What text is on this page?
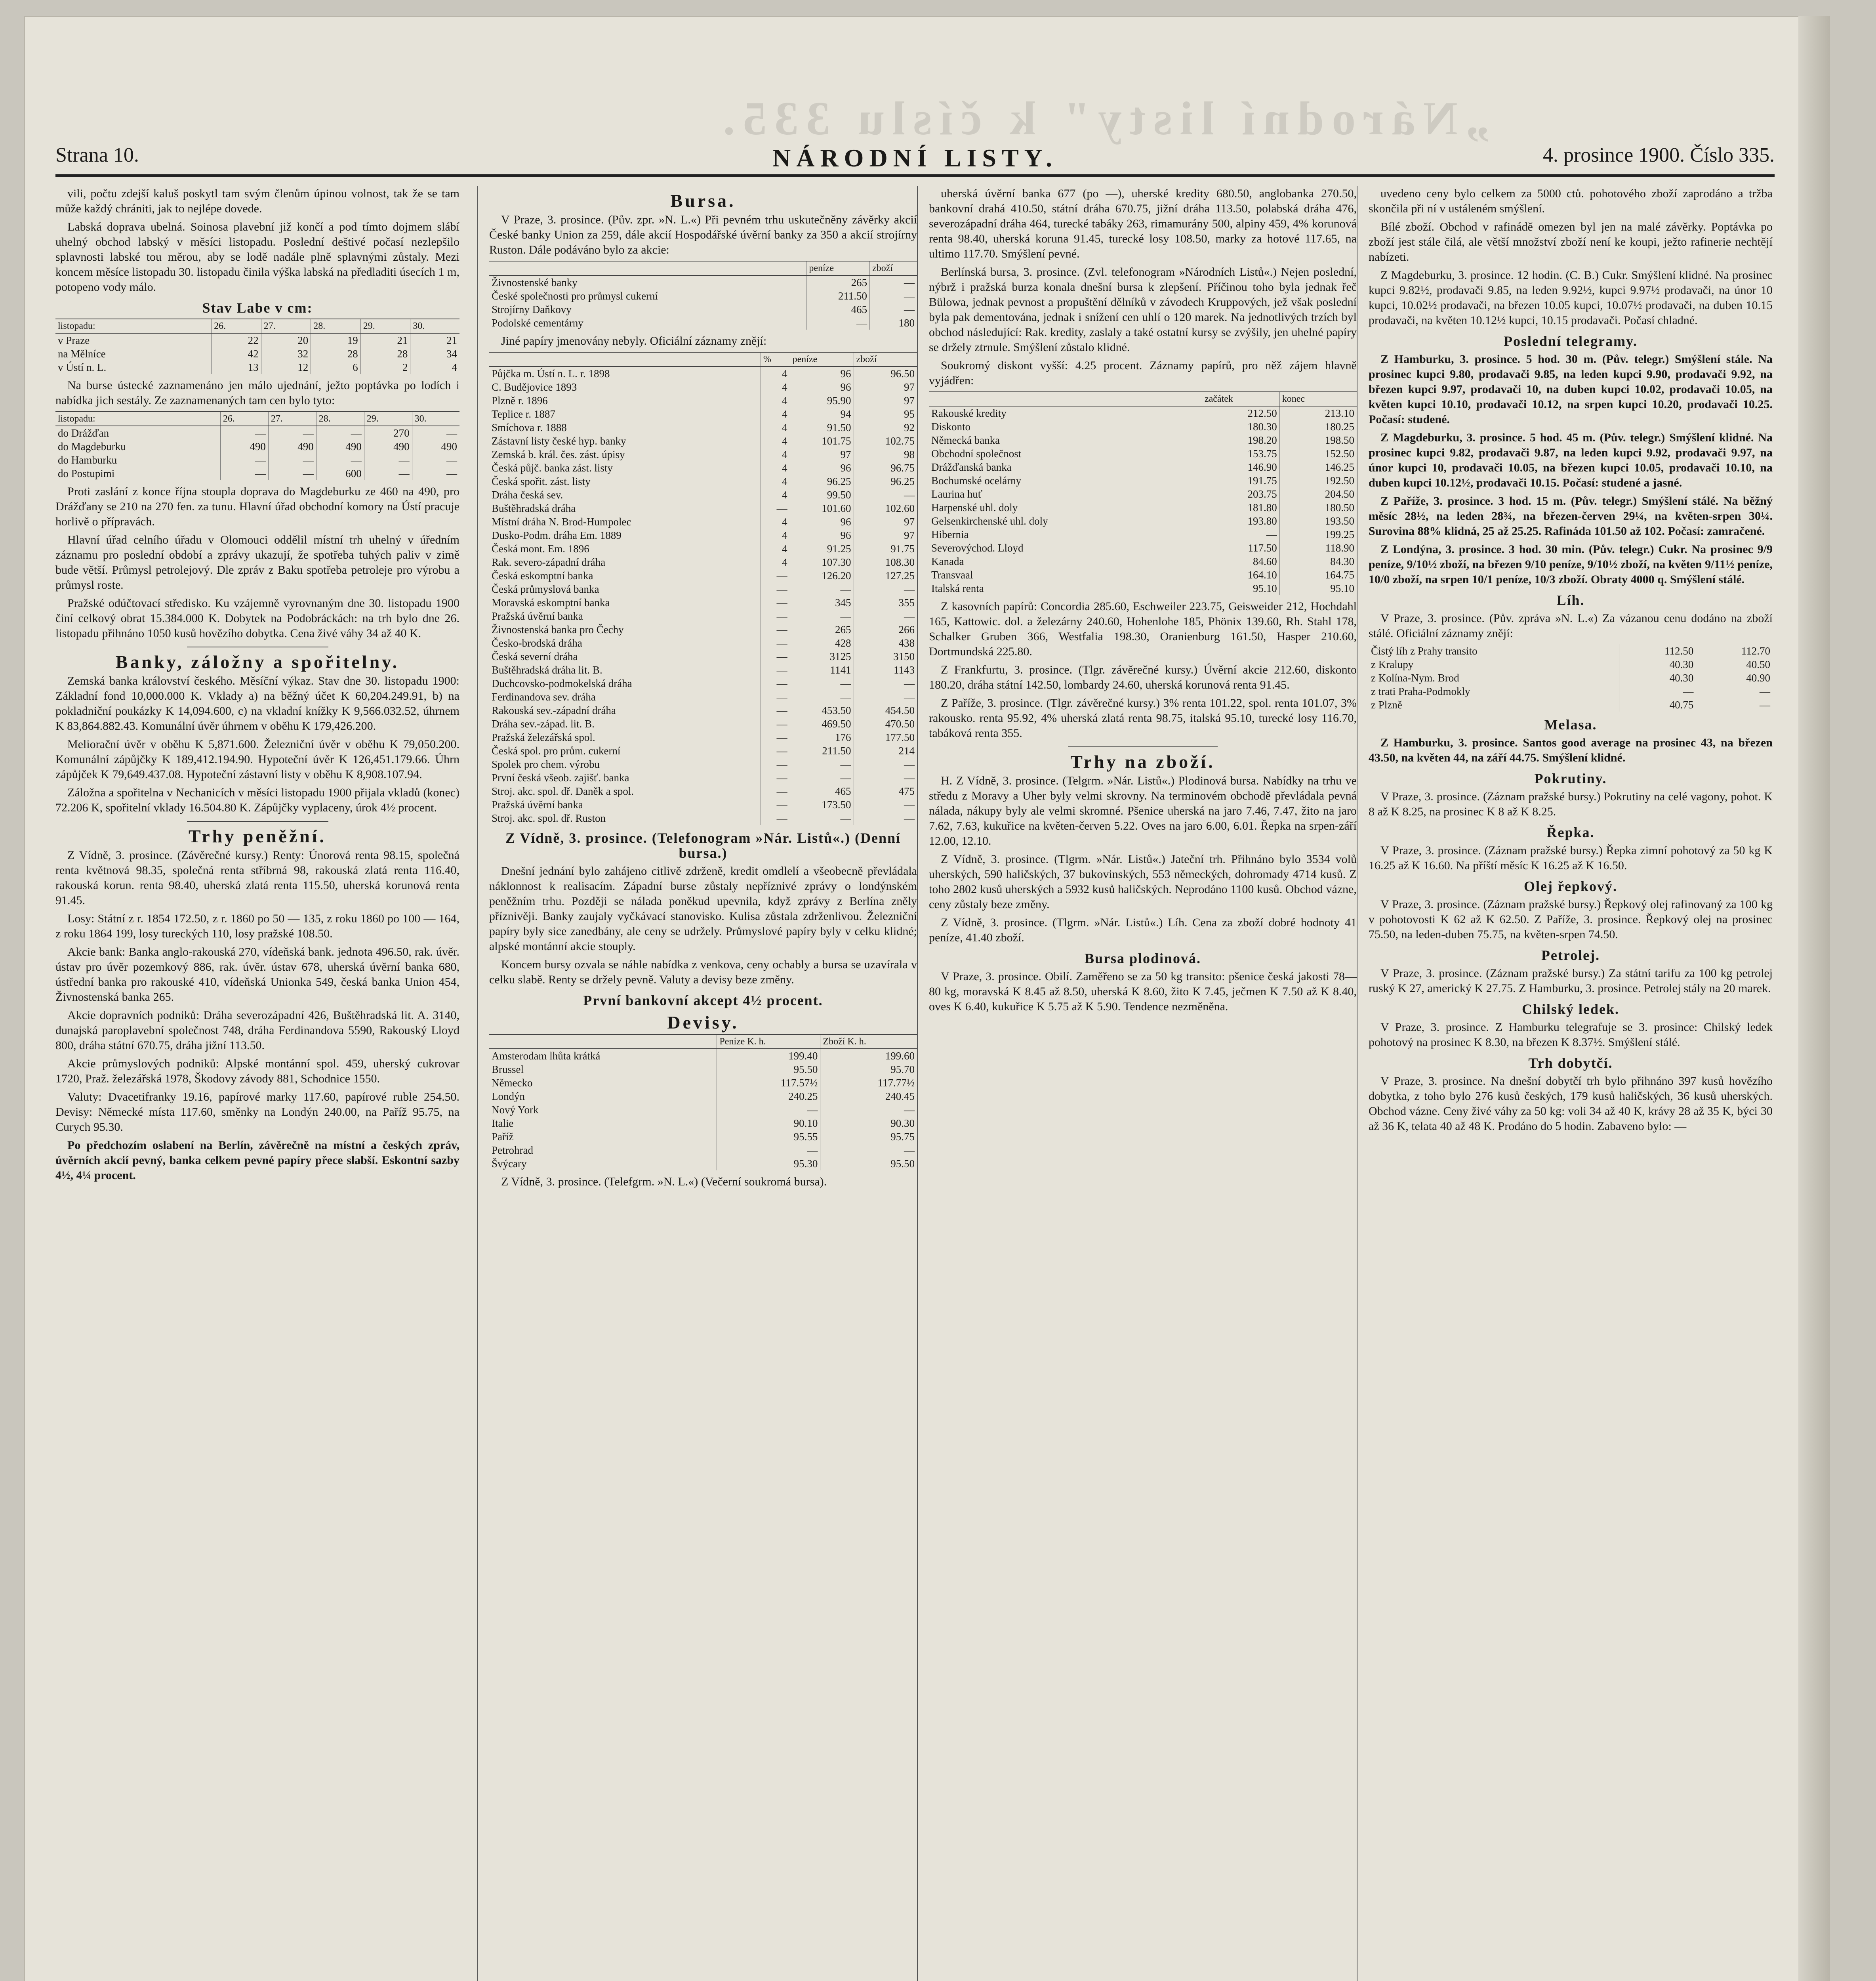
„Národní listy" k číslu 335.
Strana 10.	NÁRODNÍ LISTY.	4. prosince 1900. Číslo 335.

vili, počtu zdejší kaluš poskytl tam svým členům úpinou volnost, tak že se tam může každý chrániti, jak to nejlépe dovede.

Labská doprava ubelná. Soinosa plavební již končí a pod tímto dojmem slábí uhelný obchod labský v měsíci listopadu. Poslední deštivé počasí nezlepšilo splavnosti labské tou měrou, aby se lodě nadále plně splavnými zůstaly. Mezi koncem měsíce listopadu 30. listopadu činila výška labská na předladiti úsecích 1 m, potopeno vody málo.

Stav Labe v cm:
listopadu:	26.	27.	28.	29.	30.
v Praze	22	20	19	21	21
na Mělníce	42	32	28	28	34
v Ústí n. L.	13	12	6	2	4

Na burse ústecké zaznamenáno jen málo ujednání, ježto poptávka po lodích i nabídka jich sestály. Ze zaznamenaných tam cen bylo tyto:

listopadu:	26.	27.	28.	29.	30.
do Drážďan	—	—	—	270	—
do Magdeburku	490	490	490	490	490
do Hamburku	—	—	—	—	—
do Postupimi	—	—	600	—	—

Proti zaslání z konce října stoupla doprava do Magdeburku ze 460 na 490, pro Drážďany se 210 na 270 fen. za tunu. Hlavní úřad obchodní komory na Ústí pracuje horlivě o přípravách.

Hlavní úřad celního úřadu v Olomouci oddělil místní trh uhelný v úředním záznamu pro poslední období a zprávy ukazují, že spotřeba tuhých paliv v zimě bude větší. Průmysl petrolejový. Dle zpráv z Baku spotřeba petroleje pro výrobu a průmysl roste.

Pražské odúčtovací středisko. Ku vzájemně vyrovnaným dne 30. listopadu 1900 činí celkový obrat 15.384.000 K. Dobytek na Podobráckách: na trh bylo dne 26. listopadu přihnáno 1050 kusů hovězího dobytka. Cena živé váhy 34 až 40 K.

Banky, záložny a spořitelny.

Zemská banka království českého. Měsíční výkaz. Stav dne 30. listopadu 1900: Základní fond 10,000.000 K. Vklady a) na běžný účet K 60,204.249.91, b) na pokladniční poukázky K 14,094.600, c) na vkladní knížky K 9,566.032.52, úhrnem K 83,864.882.43. Komunální úvěr úhrnem v oběhu K 179,426.200.

Meliorační úvěr v oběhu K 5,871.600. Železniční úvěr v oběhu K 79,050.200. Komunální zápůjčky K 189,412.194.90. Hypoteční úvěr K 126,451.179.66. Úhrn zápůjček K 79,649.437.08. Hypoteční zástavní listy v oběhu K 8,908.107.94.

Záložna a spořitelna v Nechanicích v měsíci listopadu 1900 přijala vkladů (konec) 72.206 K, spořitelní vklady 16.504.80 K. Zápůjčky vyplaceny, úrok 4½ procent.

Trhy peněžní.

Z Vídně, 3. prosince. (Závěrečné kursy.) Renty: Únorová renta 98.15, společná renta květnová 98.35, společná renta stříbrná 98, rakouská zlatá renta 116.40, rakouská korun. renta 98.40, uherská zlatá renta 115.50, uherská korunová renta 91.45.

Losy: Státní z r. 1854 172.50, z r. 1860 po 50 — 135, z roku 1860 po 100 — 164, z roku 1864 199, losy tureckých 110, losy pražské 108.50.

Akcie bank: Banka anglo-rakouská 270, vídeňská bank. jednota 496.50, rak. úvěr. ústav pro úvěr pozemkový 886, rak. úvěr. ústav 678, uherská úvěrní banka 680, ústřední banka pro rakouské 410, vídeňská Unionka 549, česká banka Union 454, Živnostenská banka 265.

Akcie dopravních podniků: Dráha severozápadní 426, Buštěhradská lit. A. 3140, dunajská paroplavební společnost 748, dráha Ferdinandova 5590, Rakouský Lloyd 800, dráha státní 670.75, dráha jižní 113.50.

Akcie průmyslových podniků: Alpské montánní spol. 459, uherský cukrovar 1720, Praž. železářská 1978, Škodovy závody 881, Schodnice 1550.

Valuty: Dvacetifranky 19.16, papírové marky 117.60, papírové ruble 254.50. Devisy: Německé místa 117.60, směnky na Londýn 240.00, na Paříž 95.75, na Curych 95.30.

Po předchozím oslabení na Berlín, závěrečně na místní a českých zpráv, úvěrních akcií pevný, banka celkem pevné papíry přece slabší. Eskontní sazby 4½, 4¼ procent.

Bursa.

V Praze, 3. prosince. (Pův. zpr. »N. L.«) Při pevném trhu uskutečněny závěrky akcií České banky Union za 259, dále akcií Hospodářské úvěrní banky za 350 a akcií strojírny Ruston. Dále podáváno bylo za akcie:

	peníze	zboží
Živnostenské banky	265	—
České společnosti pro průmysl cukerní	211.50	—
Strojírny Daňkovy	465	—
Podolské cementárny	—	180

Jiné papíry jmenovány nebyly. Oficiální záznamy znějí:

	%	peníze	zboží
Půjčka m. Ústí n. L. r. 1898	4	96	96.50
C. Budějovice 1893	4	96	97
Plzně r. 1896	4	95.90	97
Teplice r. 1887	4	94	95
Smíchova r. 1888	4	91.50	92
Zástavní listy české hyp. banky	4	101.75	102.75
Zemská b. král. čes. zást. úpisy	4	97	98
Česká půjč. banka zást. listy	4	96	96.75
Česká spořit. zást. listy	4	96.25	96.25
Dráha česká sev.	4	99.50	—
Buštěhradská dráha	—	101.60	102.60
Místní dráha N. Brod-Humpolec	4	96	97
Dusko-Podm. dráha Em. 1889	4	96	97
Česká mont. Em. 1896	4	91.25	91.75
Rak. severo-západní dráha	4	107.30	108.30
Česká eskomptní banka	—	126.20	127.25
Česká průmyslová banka	—	—	—
Moravská eskomptní banka	—	345	355
Pražská úvěrní banka	—	—	—
Živnostenská banka pro Čechy	—	265	266
Česko-brodská dráha	—	428	438
Česká severní dráha	—	3125	3150
Buštěhradská dráha lit. B.	—	1141	1143
Duchcovsko-podmokelská dráha	—	—	—
Ferdinandova sev. dráha	—	—	—
Rakouská sev.-západní dráha	—	453.50	454.50
Dráha sev.-západ. lit. B.	—	469.50	470.50
Pražská železářská spol.	—	176	177.50
Česká spol. pro prům. cukerní	—	211.50	214
Spolek pro chem. výrobu	—	—	—
První česká všeob. zajišť. banka	—	—	—
Stroj. akc. spol. dř. Daněk a spol.	—	465	475
Pražská úvěrní banka	—	173.50	—
Stroj. akc. spol. dř. Ruston	—	—	—
Z Vídně, 3. prosince. (Telefonogram »Nár. Listů«.) (Denní bursa.)

Dnešní jednání bylo zahájeno citlivě zdrženě, kredit omdlelí a všeobecně převládala náklonnost k realisacím. Západní burse zůstaly nepříznivé zprávy o londýnském peněžním trhu. Později se nálada poněkud upevnila, když zprávy z Berlína zněly příznivěji. Banky zaujaly vyčkávací stanovisko. Kulisa zůstala zdrženlivou. Železniční papíry byly sice zanedbány, ale ceny se udržely. Průmyslové papíry byly v celku klidné; alpské montánní akcie stouply.

Koncem bursy ozvala se náhle nabídka z venkova, ceny ochably a bursa se uzavírala v celku slabě. Renty se držely pevně. Valuty a devisy beze změny.

První bankovní akcept 4½ procent.
Devisy.
	Peníze K. h.	Zboží K. h.
Amsterodam lhůta krátká	199.40	199.60
Brussel	95.50	95.70
Německo	117.57½	117.77½
Londýn	240.25	240.45
Nový York	—	—
Italie	90.10	90.30
Paříž	95.55	95.75
Petrohrad	—	—
Švýcary	95.30	95.50

Z Vídně, 3. prosince. (Telefgrm. »N. L.«) (Večerní soukromá bursa).

uherská úvěrní banka 677 (po —), uherské kredity 680.50, anglobanka 270.50, bankovní drahá 410.50, státní dráha 670.75, jižní dráha 113.50, polabská dráha 476, severozápadní dráha 464, turecké tabáky 263, rimamurány 500, alpiny 459, 4% korunová renta 98.40, uherská koruna 91.45, turecké losy 108.50, marky za hotové 117.65, na ultimo 117.70. Smýšlení pevné.

Berlínská bursa, 3. prosince. (Zvl. telefonogram »Národních Listů«.) Nejen poslední, nýbrž i pražská burza konala dnešní bursa k zlepšení. Příčinou toho byla jednak řeč Bülowa, jednak pevnost a propuštění dělníků v závodech Kruppových, jež však poslední byla pak dementována, jednak i snížení cen uhlí o 120 marek. Na jednotlivých trzích byl obchod následující: Rak. kredity, zaslaly a také ostatní kursy se zvýšily, jen uhelné papíry se držely ztrnule. Smýšlení zůstalo klidné.

Soukromý diskont vyšší: 4.25 procent. Záznamy papírů, pro něž zájem hlavně vyjádřen:

	začátek	konec
Rakouské kredity	212.50	213.10
Diskonto	180.30	180.25
Německá banka	198.20	198.50
Obchodní společnost	153.75	152.50
Drážďanská banka	146.90	146.25
Bochumské ocelárny	191.75	192.50
Laurina huť	203.75	204.50
Harpenské uhl. doly	181.80	180.50
Gelsenkirchenské uhl. doly	193.80	193.50
Hibernia	—	199.25
Severovýchod. Lloyd	117.50	118.90
Kanada	84.60	84.30
Transvaal	164.10	164.75
Italská renta	95.10	95.10

Z kasovních papírů: Concordia 285.60, Eschweiler 223.75, Geisweider 212, Hochdahl 165, Kattowic. dol. a železárny 240.60, Hohenlohe 185, Phönix 139.60, Rh. Stahl 178, Schalker Gruben 366, Westfalia 198.30, Oranienburg 161.50, Hasper 210.60, Dortmundská 225.80.

Z Frankfurtu, 3. prosince. (Tlgr. závěrečné kursy.) Úvěrní akcie 212.60, diskonto 180.20, dráha státní 142.50, lombardy 24.60, uherská korunová renta 91.45.

Z Paříže, 3. prosince. (Tlgr. závěrečné kursy.) 3% renta 101.22, spol. renta 101.07, 3% rakousko. renta 95.92, 4% uherská zlatá renta 98.75, italská 95.10, turecké losy 116.70, tabáková renta 355.

Trhy na zboží.

H. Z Vídně, 3. prosince. (Telgrm. »Nár. Listů«.) Plodinová bursa. Nabídky na trhu ve středu z Moravy a Uher byly velmi skrovny. Na terminovém obchodě převládala pevná nálada, nákupy byly ale velmi skromné. Pšenice uherská na jaro 7.46, 7.47, žito na jaro 7.62, 7.63, kukuřice na květen-červen 5.22. Oves na jaro 6.00, 6.01. Řepka na srpen-září 12.00, 12.10.

Z Vídně, 3. prosince. (Tlgrm. »Nár. Listů«.) Jateční trh. Přihnáno bylo 3534 volů uherských, 590 haličských, 37 bukovinských, 553 německých, dohromady 4714 kusů. Z toho 2802 kusů uherských a 5932 kusů haličských. Neprodáno 1100 kusů. Obchod vázne, ceny zůstaly beze změny.

Z Vídně, 3. prosince. (Tlgrm. »Nár. Listů«.) Líh. Cena za zboží dobré hodnoty 41 peníze, 41.40 zboží.

Bursa plodinová.

V Praze, 3. prosince. Obilí. Zaměřeno se za 50 kg transito: pšenice česká jakosti 78—80 kg, moravská K 8.45 až 8.50, uherská K 8.60, žito K 7.45, ječmen K 7.50 až K 8.40, oves K 6.40, kukuřice K 5.75 až K 5.90. Tendence nezměněna.

uvedeno ceny bylo celkem za 5000 ctů. pohotového zboží zaprodáno a tržba skončila při ní v ustáleném smýšlení.

Bílé zboží. Obchod v rafinádě omezen byl jen na malé závěrky. Poptávka po zboží jest stále čilá, ale větší množství zboží není ke koupi, ježto rafinerie nechtějí nabízeti.

Z Magdeburku, 3. prosince. 12 hodin. (C. B.) Cukr. Smýšlení klidné. Na prosinec kupci 9.82½, prodavači 9.85, na leden 9.92½, kupci 9.97½ prodavači, na únor 10 kupci, 10.02½ prodavači, na březen 10.05 kupci, 10.07½ prodavači, na duben 10.15 prodavači, na květen 10.12½ kupci, 10.15 prodavači. Počasí chladné.

Poslední telegramy.

Z Hamburku, 3. prosince. 5 hod. 30 m. (Pův. telegr.) Smýšlení stále. Na prosinec kupci 9.80, prodavači 9.85, na leden kupci 9.90, prodavači 9.92, na březen kupci 9.97, prodavači 10, na duben kupci 10.02, prodavači 10.05, na květen kupci 10.10, prodavači 10.12, na srpen kupci 10.20, prodavači 10.25. Počasí: studené.

Z Magdeburku, 3. prosince. 5 hod. 45 m. (Pův. telegr.) Smýšlení klidné. Na prosinec kupci 9.82, prodavači 9.87, na leden kupci 9.92, prodavači 9.97, na únor kupci 10, prodavači 10.05, na březen kupci 10.05, prodavači 10.10, na duben kupci 10.12½, prodavači 10.15. Počasí: studené a jasné.

Z Paříže, 3. prosince. 3 hod. 15 m. (Pův. telegr.) Smýšlení stálé. Na běžný měsíc 28½, na leden 28¾, na březen-červen 29¼, na květen-srpen 30¼. Surovina 88% klidná, 25 až 25.25. Rafináda 101.50 až 102. Počasí: zamračené.

Z Londýna, 3. prosince. 3 hod. 30 min. (Pův. telegr.) Cukr. Na prosinec 9/9 peníze, 9/10½ zboží, na březen 9/10 peníze, 9/10½ zboží, na květen 9/11½ peníze, 10/0 zboží, na srpen 10/1 peníze, 10/3 zboží. Obraty 4000 q. Smýšlení stálé.

Líh.

V Praze, 3. prosince. (Pův. zpráva »N. L.«) Za vázanou cenu dodáno na zboží stálé. Oficiální záznamy znějí:

Čistý líh z Prahy transito	112.50	112.70
z Kralupy	40.30	40.50
z Kolína-Nym. Brod	40.30	40.90
z trati Praha-Podmokly	—	—
z Plzně	40.75	—
Melasa.

Z Hamburku, 3. prosince. Santos good average na prosinec 43, na březen 43.50, na květen 44, na září 44.75. Smýšlení klidné.

Pokrutiny.

V Praze, 3. prosince. (Záznam pražské bursy.) Pokrutiny na celé vagony, pohot. K 8 až K 8.25, na prosinec K 8 až K 8.25.

Řepka.

V Praze, 3. prosince. (Záznam pražské bursy.) Řepka zimní pohotový za 50 kg K 16.25 až K 16.60. Na příští měsíc K 16.25 až K 16.50.

Olej řepkový.

V Praze, 3. prosince. (Záznam pražské bursy.) Řepkový olej rafinovaný za 100 kg v pohotovosti K 62 až K 62.50. Z Paříže, 3. prosince. Řepkový olej na prosinec 75.50, na leden-duben 75.75, na květen-srpen 74.50.

Petrolej.

V Praze, 3. prosince. (Záznam pražské bursy.) Za státní tarifu za 100 kg petrolej ruský K 27, americký K 27.75. Z Hamburku, 3. prosince. Petrolej stály na 20 marek.

Chilský ledek.

V Praze, 3. prosince. Z Hamburku telegrafuje se 3. prosince: Chilský ledek pohotový na prosinec K 8.30, na březen K 8.37½. Smýšlení stálé.

Trh dobytčí.

V Praze, 3. prosince. Na dnešní dobytčí trh bylo přihnáno 397 kusů hovězího dobytka, z toho bylo 276 kusů českých, 179 kusů haličských, 36 kusů uherských. Obchod vázne. Ceny živé váhy za 50 kg: voli 34 až 40 K, krávy 28 až 35 K, býci 30 až 36 K, telata 40 až 48 K. Prodáno do 5 hodin. Zabaveno bylo: —
